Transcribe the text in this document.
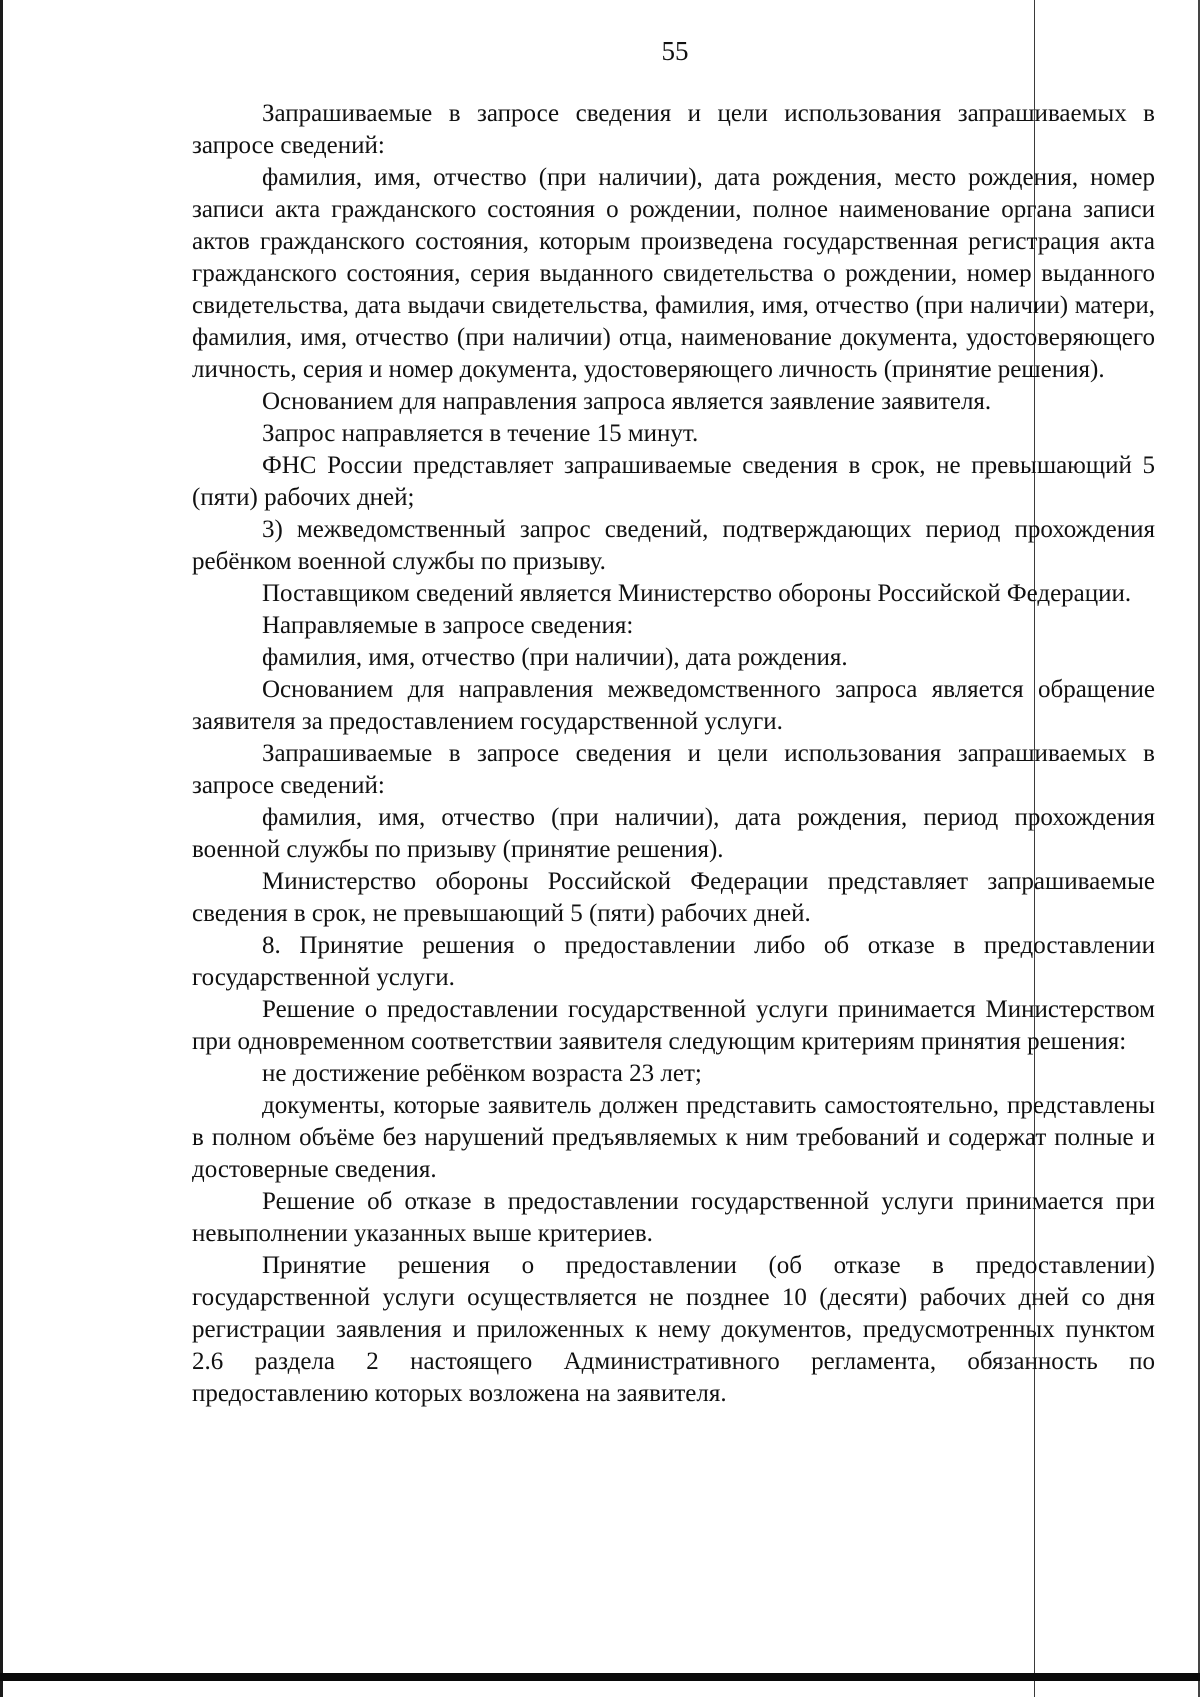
55

Запрашиваемые в запросе сведения и цели использования запрашиваемых в запросе сведений:

фамилия, имя, отчество (при наличии), дата рождения, место рождения, номер записи акта гражданского состояния о рождении, полное наименование органа записи актов гражданского состояния, которым произведена государственная регистрация акта гражданского состояния, серия выданного свидетельства о рождении, номер выданного свидетельства, дата выдачи свидетельства, фамилия, имя, отчество (при наличии) матери, фамилия, имя, отчество (при наличии) отца, наименование документа, удостоверяющего личность, серия и номер документа, удостоверяющего личность (принятие решения).

Основанием для направления запроса является заявление заявителя.

Запрос направляется в течение 15 минут.

ФНС России представляет запрашиваемые сведения в срок, не превышающий 5 (пяти) рабочих дней;

3) межведомственный запрос сведений, подтверждающих период прохождения ребёнком военной службы по призыву.

Поставщиком сведений является Министерство обороны Российской Федерации.

Направляемые в запросе сведения:

фамилия, имя, отчество (при наличии), дата рождения.

Основанием для направления межведомственного запроса является обращение заявителя за предоставлением государственной услуги.

Запрашиваемые в запросе сведения и цели использования запрашиваемых в запросе сведений:

фамилия, имя, отчество (при наличии), дата рождения, период прохождения военной службы по призыву (принятие решения).

Министерство обороны Российской Федерации представляет запрашиваемые сведения в срок, не превышающий 5 (пяти) рабочих дней.

8. Принятие решения о предоставлении либо об отказе в предоставлении государственной услуги.

Решение о предоставлении государственной услуги принимается Министерством при одновременном соответствии заявителя следующим критериям принятия решения:

не достижение ребёнком возраста 23 лет;

документы, которые заявитель должен представить самостоятельно, представлены в полном объёме без нарушений предъявляемых к ним требований и содержат полные и достоверные сведения.

Решение об отказе в предоставлении государственной услуги принимается при невыполнении указанных выше критериев.

Принятие решения о предоставлении (об отказе в предоставлении) государственной услуги осуществляется не позднее 10 (десяти) рабочих дней со дня регистрации заявления и приложенных к нему документов, предусмотренных пунктом 2.6 раздела 2 настоящего Административного регламента, обязанность по предоставлению которых возложена на заявителя.
